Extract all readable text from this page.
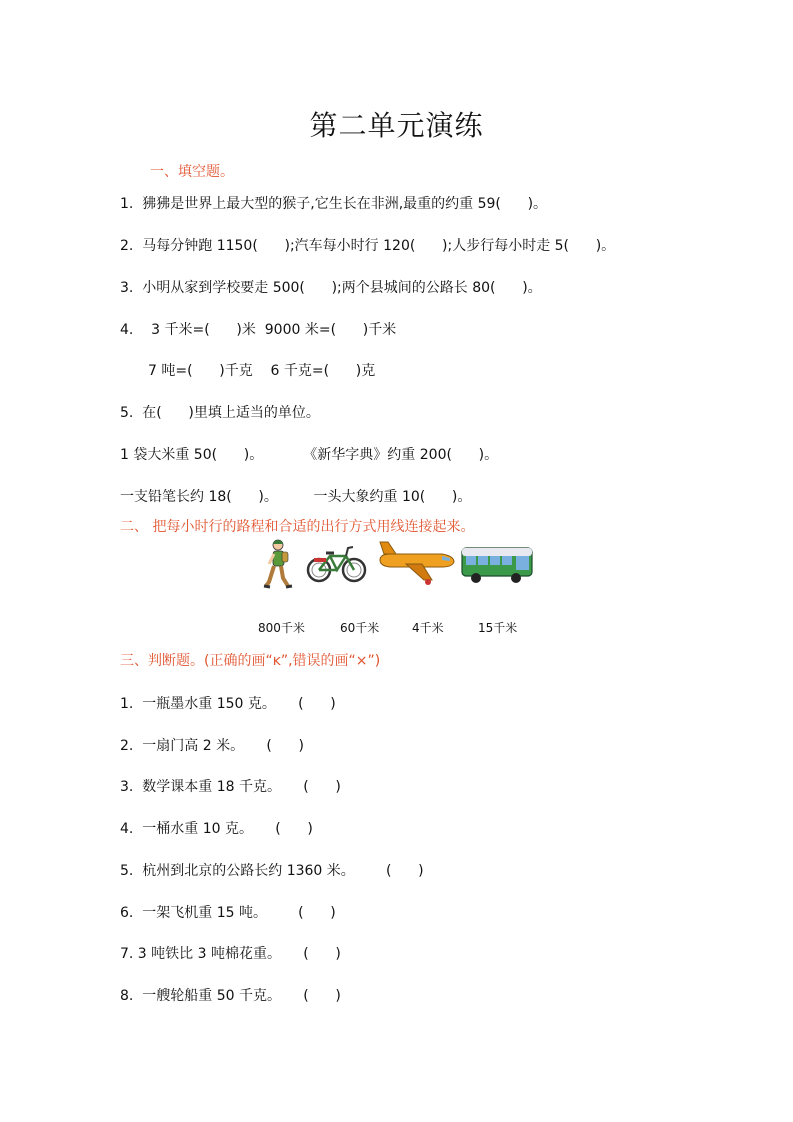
第二单元演练
一、填空题。
1.  狒狒是世界上最大型的猴子,它生长在非洲,最重的约重 59(      )。
2.  马每分钟跑 1150(      );汽车每小时行 120(      );人步行每小时走 5(      )。
3.  小明从家到学校要走 500(      );两个县城间的公路长 80(      )。
4.    3 千米=(      )米  9000 米=(      )千米
7 吨=(      )千克    6 千克=(      )克
5.  在(      )里填上适当的单位。
1 袋大米重 50(      )。         《新华字典》约重 200(      )。
一支铅笔长约 18(      )。        一头大象约重 10(      )。
二、 把每小时行的路程和合适的出行方式用线连接起来。

800千米

	60千米

	4千米

	15千米

三、判断题。(正确的画“ĸ”,错误的画“×”)
1.  一瓶墨水重 150 克。     (      )
2.  一扇门高 2 米。     (      )
3.  数学课本重 18 千克。     (      )
4.  一桶水重 10 克。     (      )
5.  杭州到北京的公路长约 1360 米。       (      )
6.  一架飞机重 15 吨。       (      )
7. 3 吨铁比 3 吨棉花重。     (      )
8.  一艘轮船重 50 千克。     (      )
